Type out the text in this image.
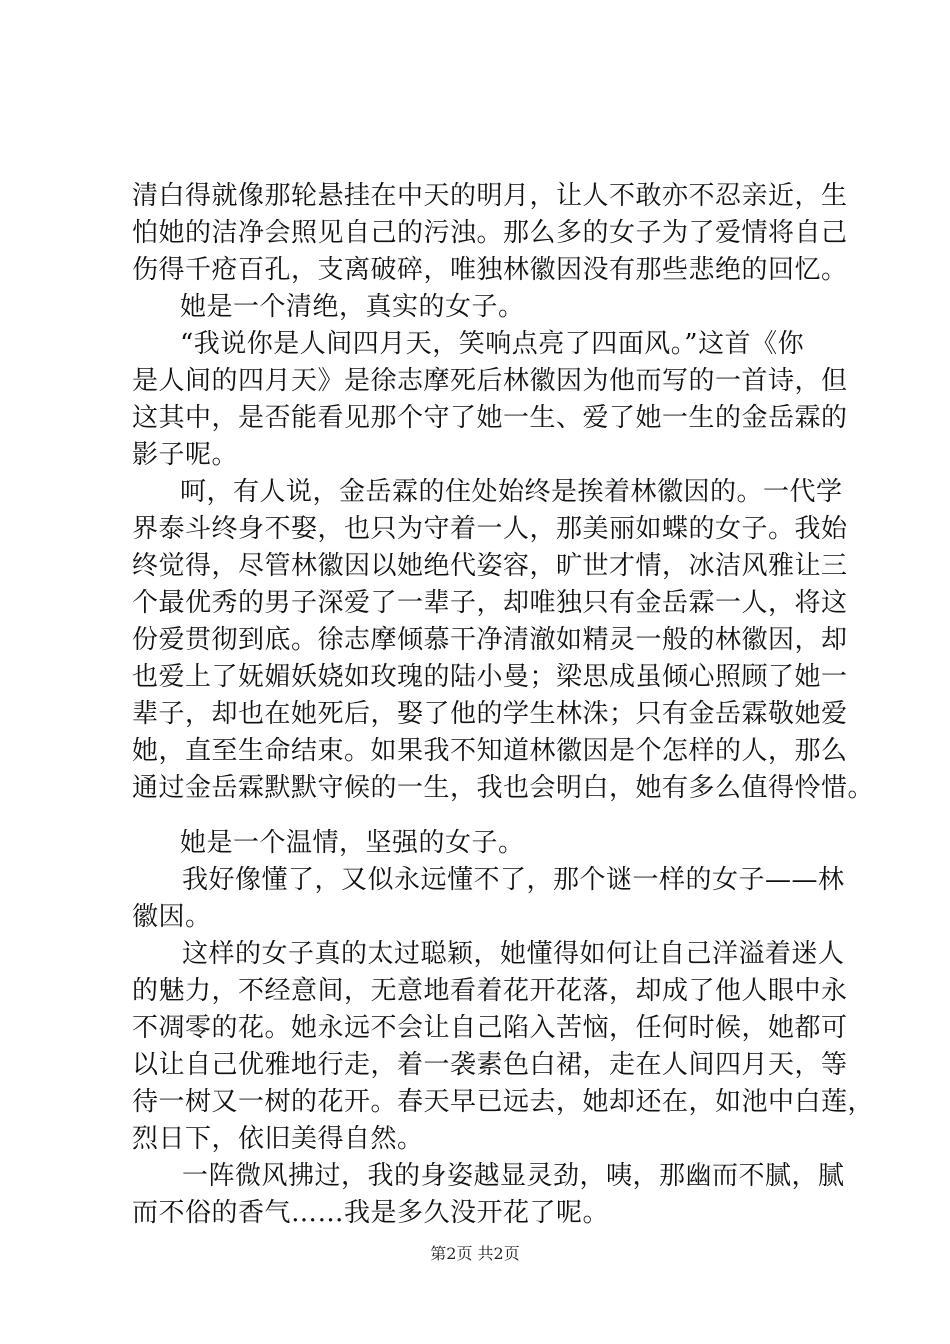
清白得就像那轮悬挂在中天的明月，让人不敢亦不忍亲近，生
怕她的洁净会照见自己的污浊。那么多的女子为了爱情将自己
伤得千疮百孔，支离破碎，唯独林徽因没有那些悲绝的回忆。
她是一个清绝，真实的女子。
“我说你是人间四月天，笑响点亮了四面风。”这首《你
是人间的四月天》是徐志摩死后林徽因为他而写的一首诗，但
这其中，是否能看见那个守了她一生、爱了她一生的金岳霖的
影子呢。
呵，有人说，金岳霖的住处始终是挨着林徽因的。一代学
界泰斗终身不娶，也只为守着一人，那美丽如蝶的女子。我始
终觉得，尽管林徽因以她绝代姿容，旷世才情，冰洁风雅让三
个最优秀的男子深爱了一辈子，却唯独只有金岳霖一人，将这
份爱贯彻到底。徐志摩倾慕干净清澈如精灵一般的林徽因，却
也爱上了妩媚妖娆如玫瑰的陆小曼；梁思成虽倾心照顾了她一
辈子，却也在她死后，娶了他的学生林洙；只有金岳霖敬她爱
她，直至生命结束。如果我不知道林徽因是个怎样的人，那么
通过金岳霖默默守候的一生，我也会明白，她有多么值得怜惜。
她是一个温情，坚强的女子。
我好像懂了，又似永远懂不了，那个谜一样的女子——林
徽因。
这样的女子真的太过聪颖，她懂得如何让自己洋溢着迷人
的魅力，不经意间，无意地看着花开花落，却成了他人眼中永
不凋零的花。她永远不会让自己陷入苦恼，任何时候，她都可
以让自己优雅地行走，着一袭素色白裙，走在人间四月天，等
待一树又一树的花开。春天早已远去，她却还在，如池中白莲，
烈日下，依旧美得自然。
一阵微风拂过，我的身姿越显灵劲，咦，那幽而不腻，腻
而不俗的香气……我是多久没开花了呢。
第2页 共2页
